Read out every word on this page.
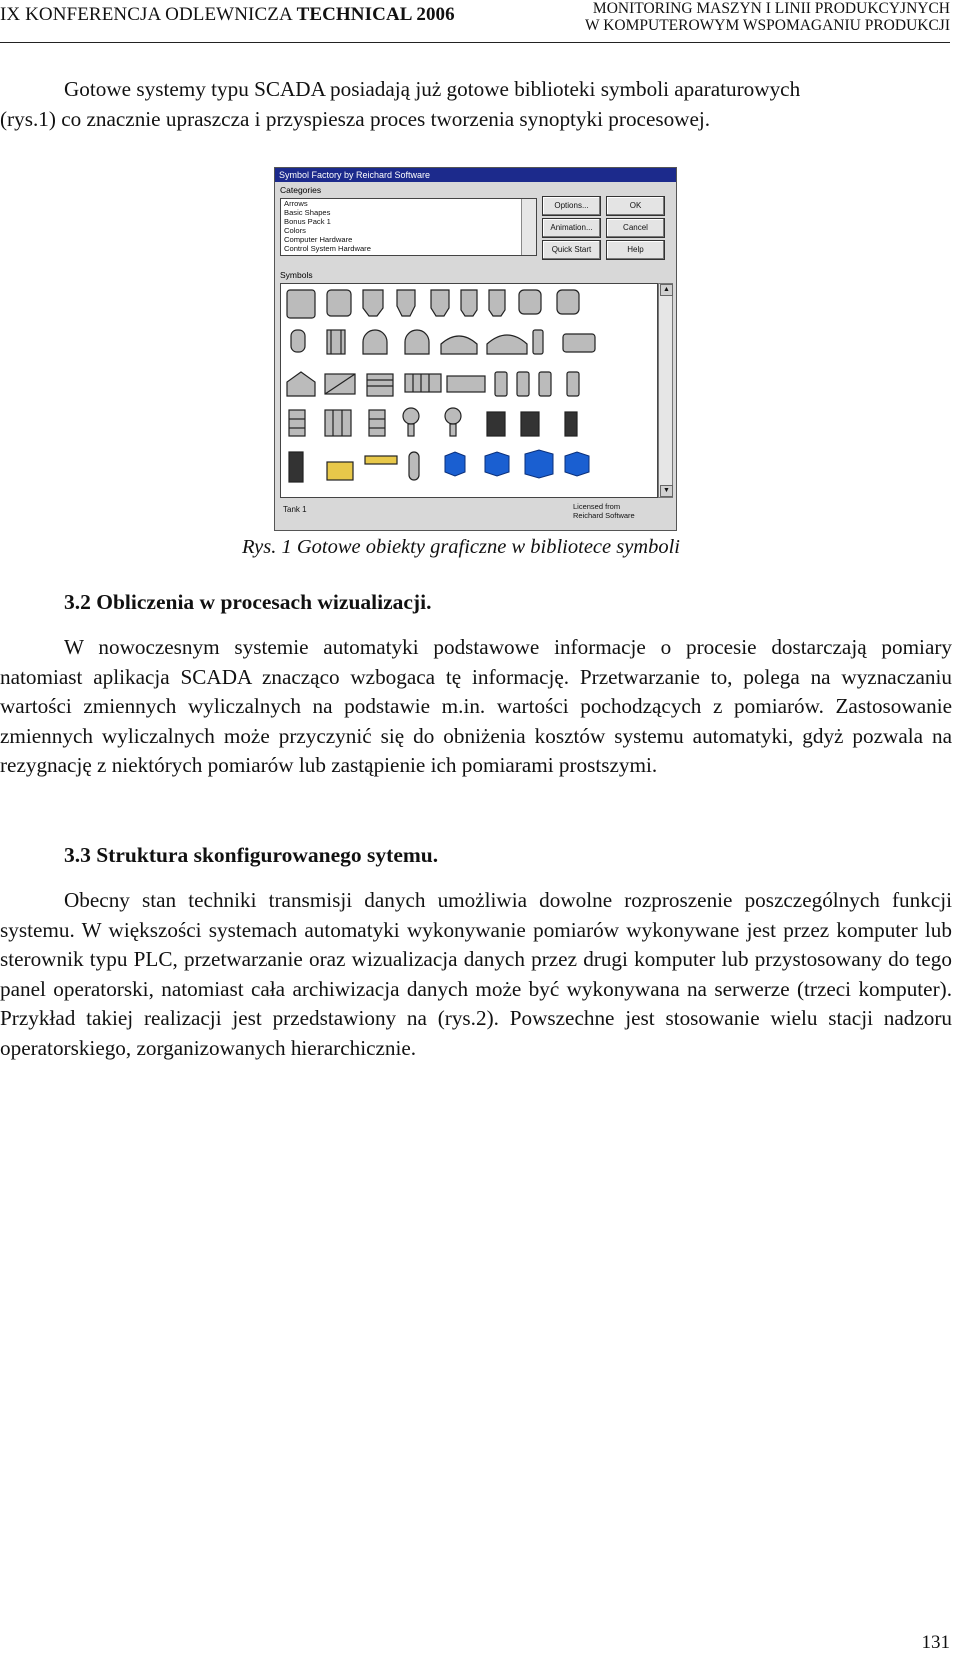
IX KONFERENCJA ODLEWNICZA TECHNICAL 2006	MONITORING MASZYN I LINII PRODUKCYJNYCH
W KOMPUTEROWYM WSPOMAGANIU PRODUKCJI

Gotowe systemy typu SCADA posiadają już gotowe biblioteki symboli aparaturowych

(rys.1) co znacznie upraszcza i przyspiesza proces tworzenia synoptyki procesowej.

Symbol Factory by Reichard Software
Categories
Arrows
Basic Shapes
Bonus Pack 1
Colors
Computer Hardware
Control System Hardware
Options...	OK
Animation...	Cancel
Quick Start	Help
Symbols
▲
▼
Tank 1	Licensed from
Reichard Software
Rys. 1 Gotowe obiekty graficzne w bibliotece symboli
3.2 Obliczenia w procesach wizualizacji.

W nowoczesnym systemie automatyki podstawowe informacje o procesie dostarczają pomiary natomiast aplikacja SCADA znacząco wzbogaca tę informację. Przetwarzanie to, polega na wyznaczaniu wartości zmiennych wyliczalnych na podstawie m.in. wartości pochodzących z pomiarów. Zastosowanie zmiennych wyliczalnych może przyczynić się do obniżenia kosztów systemu automatyki, gdyż pozwala na rezygnację z niektórych pomiarów lub zastąpienie ich pomiarami prostszymi.

3.3 Struktura skonfigurowanego sytemu.

Obecny stan techniki transmisji danych umożliwia dowolne rozproszenie poszczególnych funkcji systemu. W większości systemach automatyki wykonywanie pomiarów wykonywane jest przez komputer lub sterownik typu PLC, przetwarzanie oraz wizualizacja danych przez drugi komputer lub przystosowany do tego panel operatorski, natomiast cała archiwizacja danych może być wykonywana na serwerze (trzeci komputer). Przykład takiej realizacji jest przedstawiony na (rys.2). Powszechne jest stosowanie wielu stacji nadzoru operatorskiego, zorganizowanych hierarchicznie.

131
